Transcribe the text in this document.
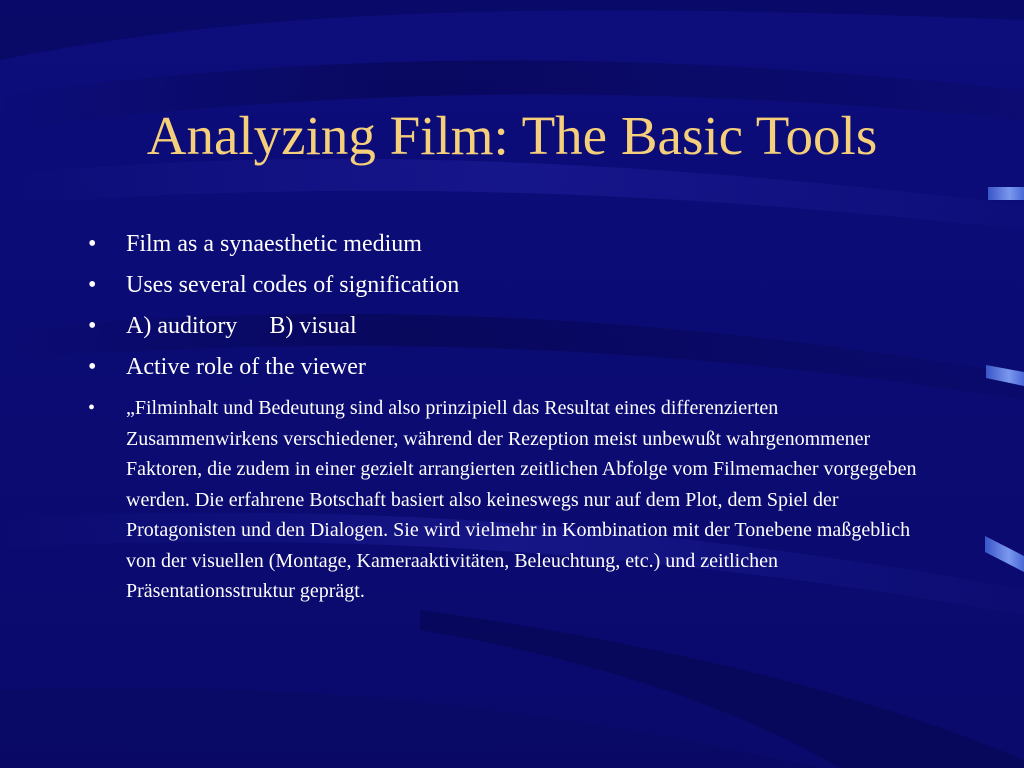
Analyzing Film: The Basic Tools
• Film as a synaesthetic medium
• Uses several codes of signification
• A) auditory B) visual
• Active role of the viewer
• „Filminhalt und Bedeutung sind also prinzipiell das Resultat eines differenzierten Zusammenwirkens verschiedener, während der Rezeption meist unbewußt wahrgenommener Faktoren, die zudem in einer gezielt arrangierten zeitlichen Abfolge vom Filmemacher vorgegeben werden. Die erfahrene Botschaft basiert also keineswegs nur auf dem Plot, dem Spiel der Protagonisten und den Dialogen. Sie wird vielmehr in Kombination mit der Tonebene maßgeblich von der visuellen (Montage, Kameraaktivitäten, Beleuchtung, etc.) und zeitlichen Präsentationsstruktur geprägt.
